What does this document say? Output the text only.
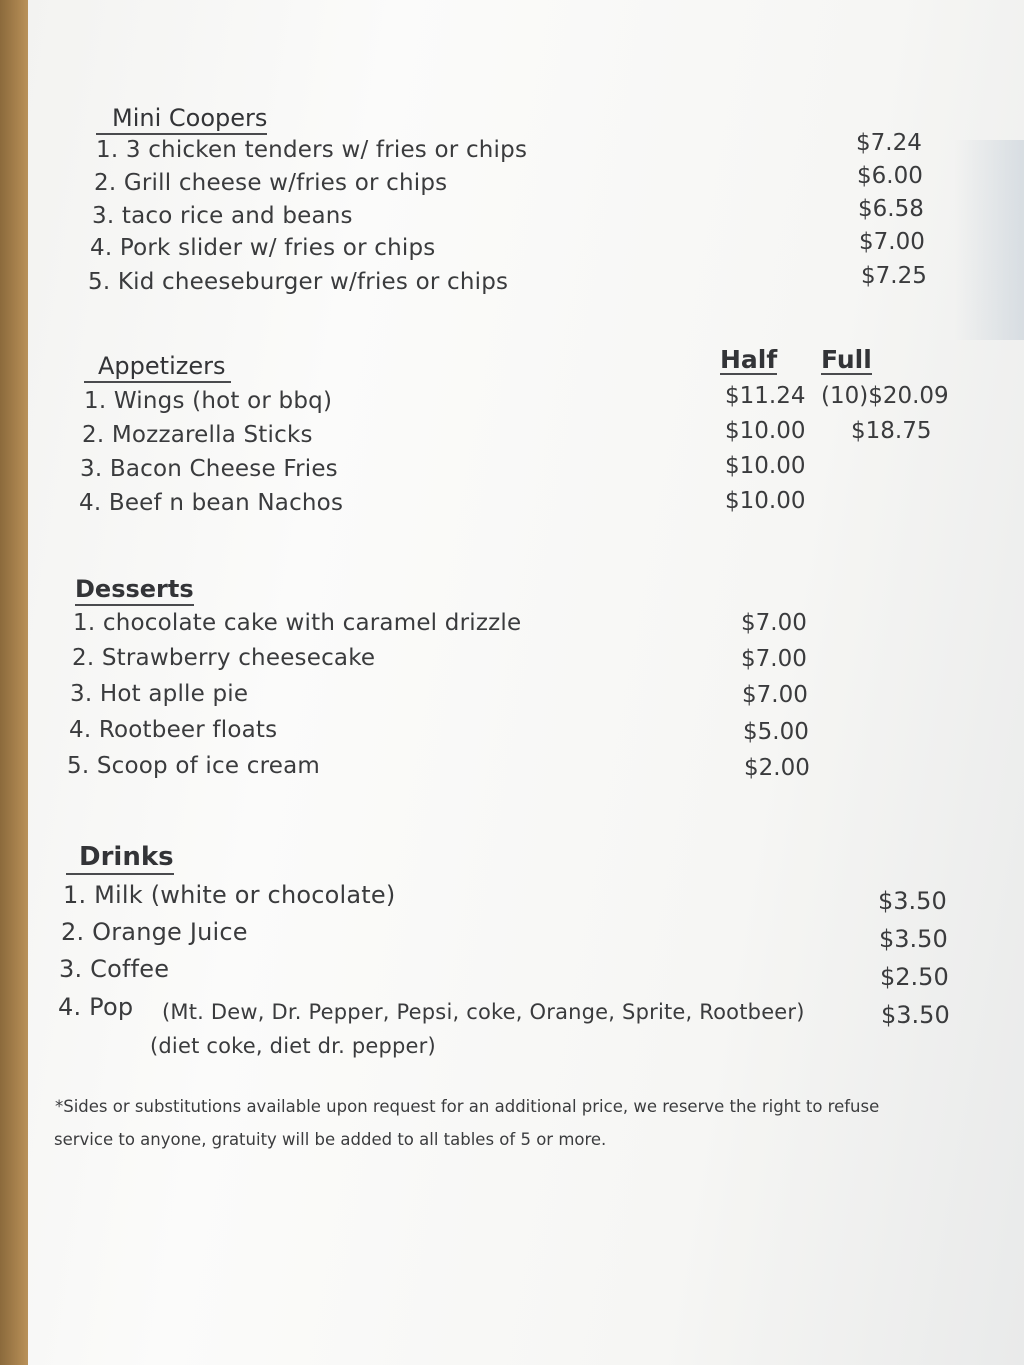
Mini Coopers
1. 3 chicken tenders w/ fries or chips
2. Grill cheese w/fries or chips
3. taco rice and beans
4. Pork slider w/ fries or chips
5. Kid cheeseburger w/fries or chips
$7.24
$6.00
$6.58
$7.00
$7.25
Appetizers	Half Full
1. Wings (hot or bbq)
2. Mozzarella Sticks
3. Bacon Cheese Fries
4. Beef n bean Nachos
$11.24 (10)$20.09
$10.00 $18.75
$10.00
$10.00
Desserts
1. chocolate cake with caramel drizzle
2. Strawberry cheesecake
3. Hot aplle pie
4. Rootbeer floats
5. Scoop of ice cream
$7.00
$7.00
$7.00
$5.00
$2.00
Drinks
1. Milk (white or chocolate)
2. Orange Juice
3. Coffee
4. Pop (Mt. Dew, Dr. Pepper, Pepsi, coke, Orange, Sprite, Rootbeer)
(diet coke, diet dr. pepper)
$3.50
$3.50
$2.50
$3.50
*Sides or substitutions available upon request for an additional price, we reserve the right to refuse
service to anyone, gratuity will be added to all tables of 5 or more.
